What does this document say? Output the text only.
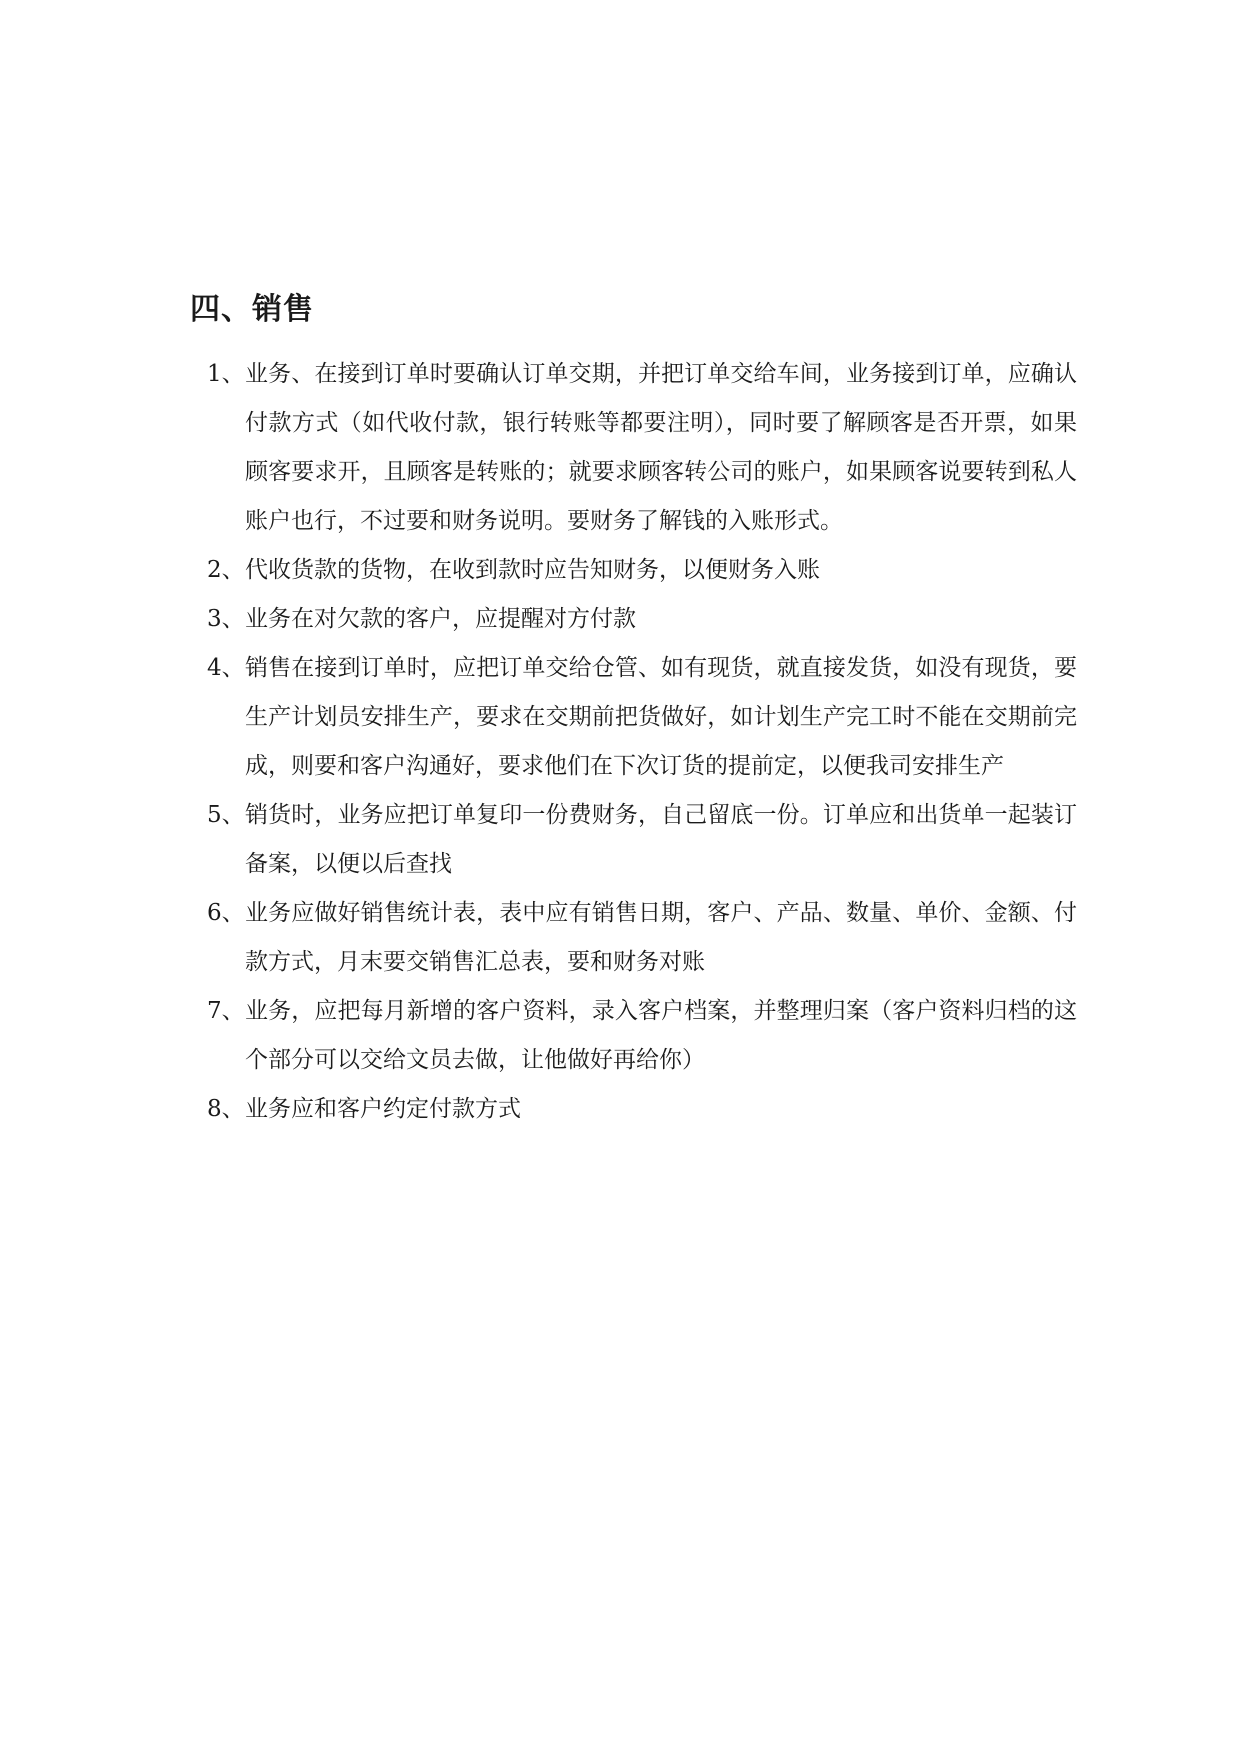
四、销售
1、 业务、在接到订单时要确认订单交期，并把订单交给车间，业务接到订单，应确认付款方式（如代收付款，银行转账等都要注明），同时要了解顾客是否开票，如果顾客要求开，且顾客是转账的；就要求顾客转公司的账户，如果顾客说要转到私人账户也行，不过要和财务说明。要财务了解钱的入账形式。
2、 代收货款的货物，在收到款时应告知财务，以便财务入账
3、 业务在对欠款的客户，应提醒对方付款
4、 销售在接到订单时，应把订单交给仓管、如有现货，就直接发货，如没有现货，要生产计划员安排生产，要求在交期前把货做好，如计划生产完工时不能在交期前完成，则要和客户沟通好，要求他们在下次订货的提前定，以便我司安排生产
5、 销货时，业务应把订单复印一份费财务，自己留底一份。订单应和出货单一起装订备案，以便以后查找
6、 业务应做好销售统计表，表中应有销售日期，客户、产品、数量、单价、金额、付款方式，月末要交销售汇总表，要和财务对账
7、 业务，应把每月新增的客户资料，录入客户档案，并整理归案（客户资料归档的这个部分可以交给文员去做，让他做好再给你）
8、 业务应和客户约定付款方式
